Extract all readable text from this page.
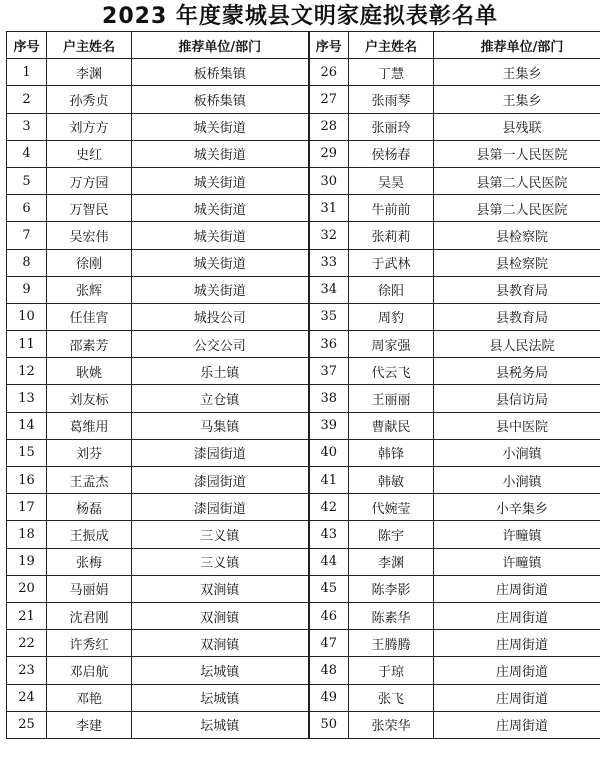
2023 年度蒙城县文明家庭拟表彰名单
序号	户主姓名	推荐单位/部门	序号	户主姓名	推荐单位/部门
1	李渊	板桥集镇	26	丁慧	王集乡
2	孙秀贞	板桥集镇	27	张雨琴	王集乡
3	刘方方	城关街道	28	张丽玲	县残联
4	史红	城关街道	29	侯杨春	县第一人民医院
5	万方园	城关街道	30	吴昊	县第二人民医院
6	万智民	城关街道	31	牛前前	县第二人民医院
7	吴宏伟	城关街道	32	张莉莉	县检察院
8	徐刚	城关街道	33	于武林	县检察院
9	张辉	城关街道	34	徐阳	县教育局
10	任佳宵	城投公司	35	周豹	县教育局
11	邵素芳	公交公司	36	周家强	县人民法院
12	耿姚	乐土镇	37	代云飞	县税务局
13	刘友标	立仓镇	38	王丽丽	县信访局
14	葛维用	马集镇	39	曹献民	县中医院
15	刘芬	漆园街道	40	韩锋	小涧镇
16	王孟杰	漆园街道	41	韩敏	小涧镇
17	杨磊	漆园街道	42	代婉莹	小辛集乡
18	王振成	三义镇	43	陈宇	许疃镇
19	张梅	三义镇	44	李渊	许疃镇
20	马丽娟	双涧镇	45	陈李影	庄周街道
21	沈君刚	双涧镇	46	陈素华	庄周街道
22	许秀红	双涧镇	47	王腾腾	庄周街道
23	邓启航	坛城镇	48	于琼	庄周街道
24	邓艳	坛城镇	49	张飞	庄周街道
25	李建	坛城镇	50	张荣华	庄周街道
